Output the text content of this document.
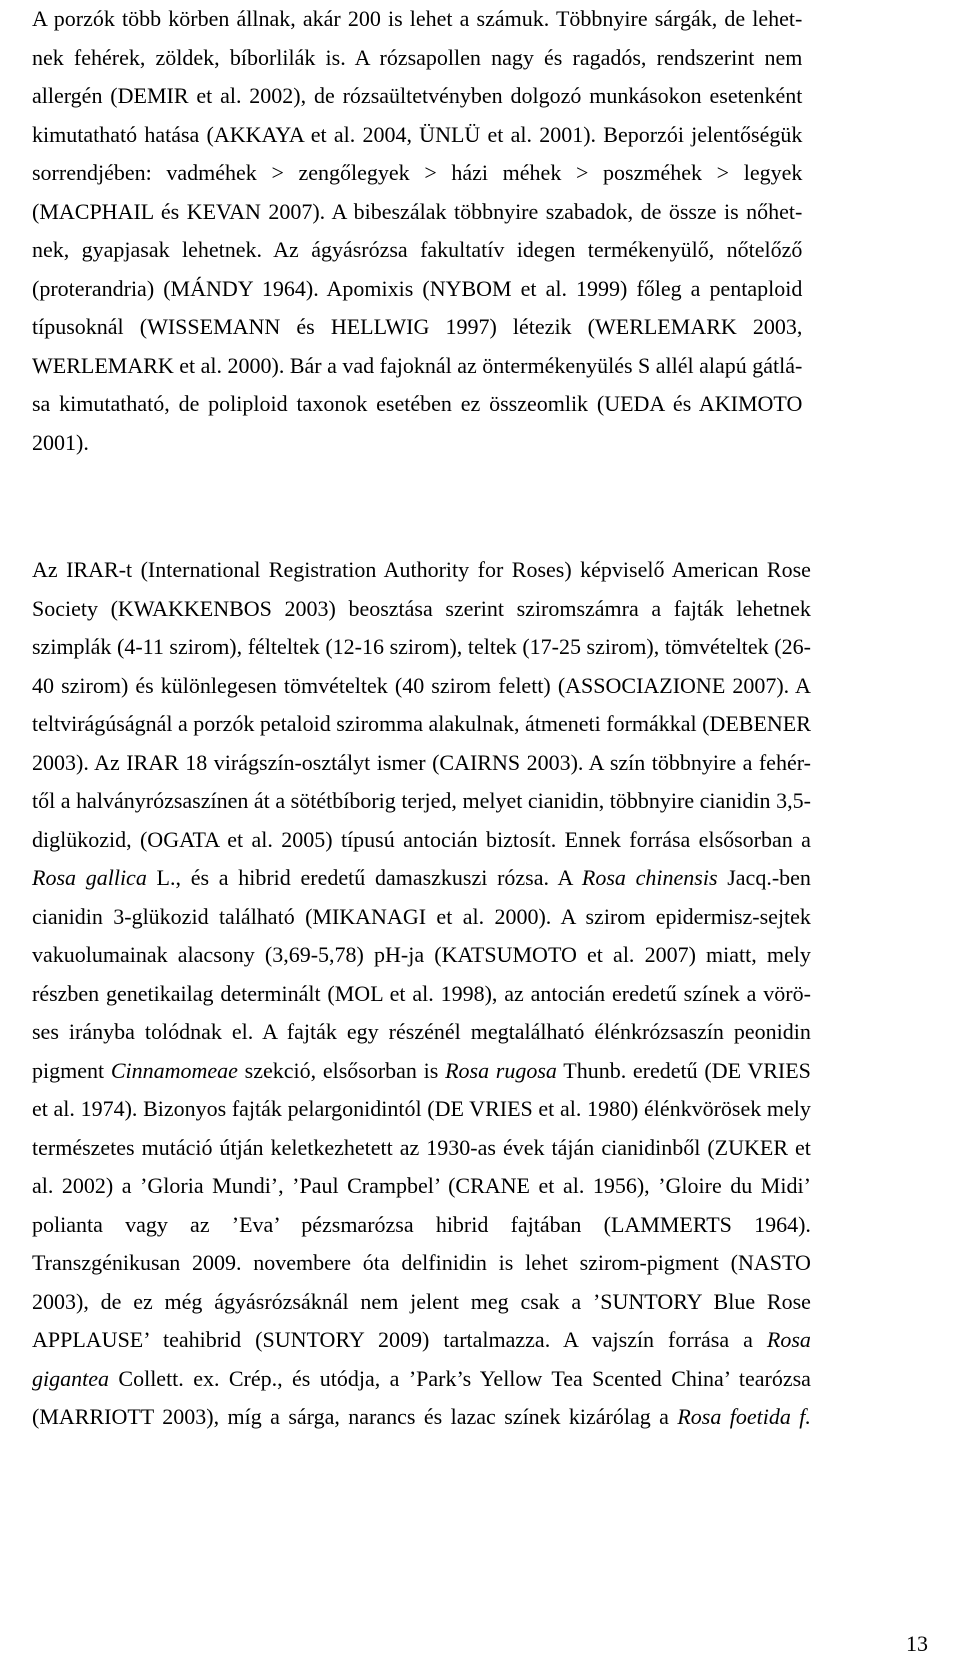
A porzók több körben állnak, akár 200 is lehet a számuk. Többnyire sárgák, de lehet-
nek fehérek, zöldek, bíborlilák is. A rózsapollen nagy és ragadós, rendszerint nem
allergén (DEMIR et al. 2002), de rózsaültetvényben dolgozó munkásokon esetenként
kimutatható hatása (AKKAYA et al. 2004, ÜNLÜ et al. 2001). Beporzói jelentőségük
sorrendjében: vadméhek > zengőlegyek > házi méhek > poszméhek > legyek
(MACPHAIL és KEVAN 2007). A bibeszálak többnyire szabadok, de össze is nőhet-
nek, gyapjasak lehetnek. Az ágyásrózsa fakultatív idegen termékenyülő, nőtelőző
(proterandria) (MÁNDY 1964). Apomixis (NYBOM et al. 1999) főleg a pentaploid
típusoknál (WISSEMANN és HELLWIG 1997) létezik (WERLEMARK 2003,
WERLEMARK et al. 2000). Bár a vad fajoknál az öntermékenyülés S allél alapú gátlá-
sa kimutatható, de poliploid taxonok esetében ez összeomlik (UEDA és AKIMOTO
2001).

Az IRAR-t (International Registration Authority for Roses) képviselő American Rose
Society (KWAKKENBOS 2003) beosztása szerint sziromszámra a fajták lehetnek
szimplák (4-11 szirom), félteltek (12-16 szirom), teltek (17-25 szirom), tömvételtek (26-
40 szirom) és különlegesen tömvételtek (40 szirom felett) (ASSOCIAZIONE 2007). A
teltvirágúságnál a porzók petaloid sziromma alakulnak, átmeneti formákkal (DEBENER
2003). Az IRAR 18 virágszín-osztályt ismer (CAIRNS 2003). A szín többnyire a fehér-
től a halványrózsaszínen át a sötétbíborig terjed, melyet cianidin, többnyire cianidin 3,5-
diglükozid, (OGATA et al. 2005) típusú antocián biztosít. Ennek forrása elsősorban a
Rosa gallica L., és a hibrid eredetű damaszkuszi rózsa. A Rosa chinensis Jacq.-ben
cianidin 3-glükozid található (MIKANAGI et al. 2000). A szirom epidermisz-sejtek
vakuolumainak alacsony (3,69-5,78) pH-ja (KATSUMOTO et al. 2007) miatt, mely
részben genetikailag determinált (MOL et al. 1998), az antocián eredetű színek a vörö-
ses irányba tolódnak el. A fajták egy részénél megtalálható élénkrózsaszín peonidin
pigment Cinnamomeae szekció, elsősorban is Rosa rugosa Thunb. eredetű (DE VRIES
et al. 1974). Bizonyos fajták pelargonidintól (DE VRIES et al. 1980) élénkvörösek mely
természetes mutáció útján keletkezhetett az 1930-as évek táján cianidinből (ZUKER et
al. 2002) a ’Gloria Mundi’, ’Paul Crampbel’ (CRANE et al. 1956), ’Gloire du Midi’
polianta vagy az ’Eva’ pézsmarózsa hibrid fajtában (LAMMERTS 1964).
Transzgénikusan 2009. novembere óta delfinidin is lehet szirom-pigment (NASTO
2003), de ez még ágyásrózsáknál nem jelent meg csak a ’SUNTORY Blue Rose
APPLAUSE’ teahibrid (SUNTORY 2009) tartalmazza. A vajszín forrása a Rosa
gigantea Collett. ex. Crép., és utódja, a ’Park’s Yellow Tea Scented China’ tearózsa
(MARRIOTT 2003), míg a sárga, narancs és lazac színek kizárólag a Rosa foetida f.

13
